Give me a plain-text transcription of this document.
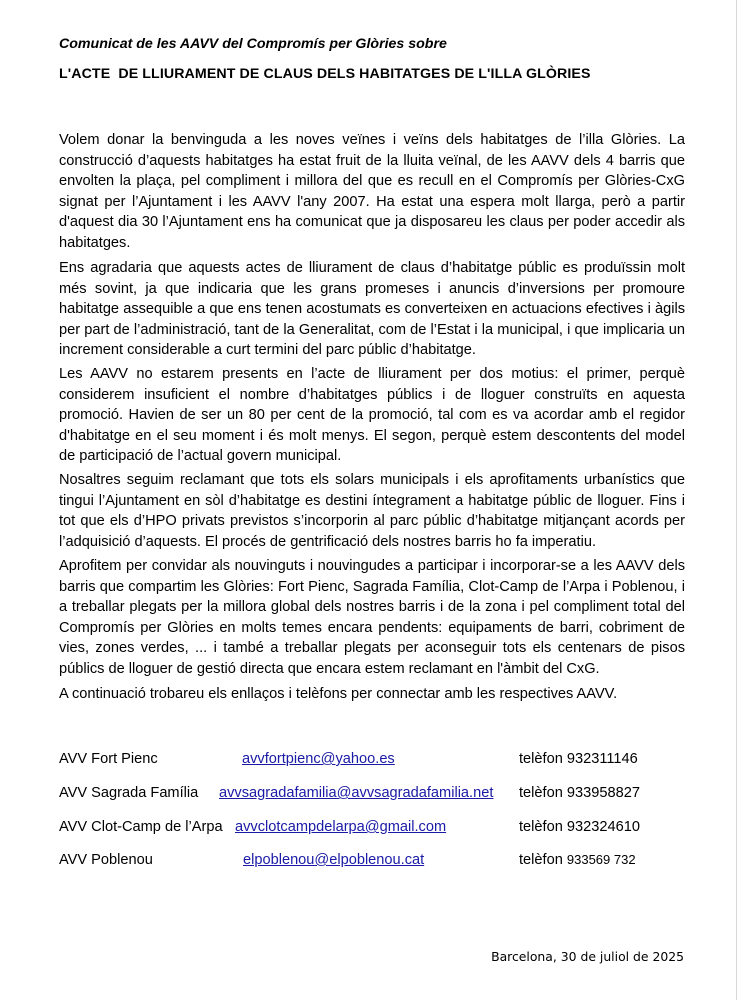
Comunicat de les AAVV del Compromís per Glòries sobre
L'ACTE  DE LLIURAMENT DE CLAUS DELS HABITATGES DE L'ILLA GLÒRIES

Volem donar la benvinguda a les noves veïnes i veïns dels habitatges de l’illa Glòries. La construcció d’aquests habitatges ha estat fruit de la lluita veïnal, de les AAVV dels 4 barris que envolten la plaça, pel compliment i millora del que es recull en el Compromís per Glòries-CxG signat per l’Ajuntament i les AAVV l'any 2007. Ha estat una espera molt llarga, però a partir d'aquest dia 30 l’Ajuntament ens ha comunicat que ja disposareu les claus per poder accedir als habitatges.

Ens agradaria que aquests actes de lliurament de claus d’habitatge públic es produïssin molt més sovint, ja que indicaria que les grans promeses i anuncis d’inversions per promoure habitatge assequible a que ens tenen acostumats es converteixen en actuacions efectives i àgils per part de l’administració, tant de la Generalitat, com de l’Estat i la municipal, i que implicaria un increment considerable a curt termini del parc públic d’habitatge.

Les AAVV no estarem presents en l’acte de lliurament per dos motius: el primer, perquè considerem insuficient el nombre d’habitatges públics i de lloguer construïts en aquesta promoció. Havien de ser un 80 per cent de la promoció, tal com es va acordar amb el regidor d'habitatge en el seu moment i és molt menys. El segon, perquè estem descontents del model de participació de l’actual govern municipal.

Nosaltres seguim reclamant que tots els solars municipals i els aprofitaments urbanístics que tingui l’Ajuntament en sòl d’habitatge es destini íntegrament a habitatge públic de lloguer. Fins i tot que els d’HPO privats previstos s’incorporin al parc públic d’habitatge mitjançant acords per l’adquisició d’aquests. El procés de gentrificació dels nostres barris ho fa imperatiu.

Aprofitem per convidar als nouvinguts i nouvingudes a participar i incorporar-se a les AAVV dels barris que compartim les Glòries: Fort Pienc, Sagrada Família, Clot-Camp de l’Arpa i Poblenou, i a treballar plegats per la millora global dels nostres barris i de la zona i pel compliment total del Compromís per Glòries en molts temes encara pendents: equipaments de barri, cobriment de vies, zones verdes, ... i també a treballar plegats per aconseguir tots els centenars de pisos públics de lloguer de gestió directa que encara estem reclamant en l'àmbit del CxG.

A continuació trobareu els enllaços i telèfons per connectar amb les respectives AAVV.

AVV Fort Pienc	avvfortpienc@yahoo.es	telèfon 932311146
AVV Sagrada Família avvsagradafamilia@avvsagradafamilia.net telèfon 933958827
AVV Clot-Camp de l’Arpa avvclotcampdelarpa@gmail.com	telèfon 932324610
AVV Poblenou	elpoblenou@elpoblenou.cat	telèfon 933569 732
Barcelona, 30 de juliol de 2025
